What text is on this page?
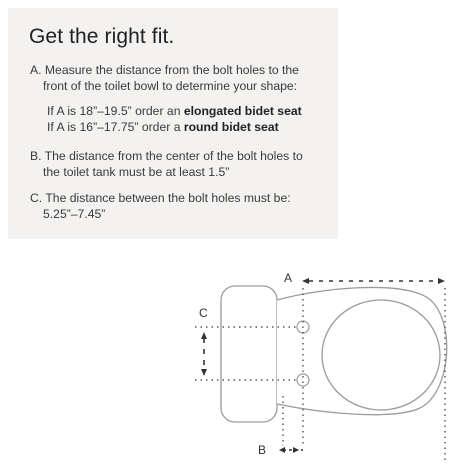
Get the right fit.
A. Measure the distance from the bolt holes to the
front of the toilet bowl to determine your shape:
If A is 18”–19.5” order an elongated bidet seat
If A is 16”–17.75” order a round bidet seat
B. The distance from the center of the bolt holes to
the toilet tank must be at least 1.5”
C. The distance between the bolt holes must be:
5.25”–7.45”
A
C
B
